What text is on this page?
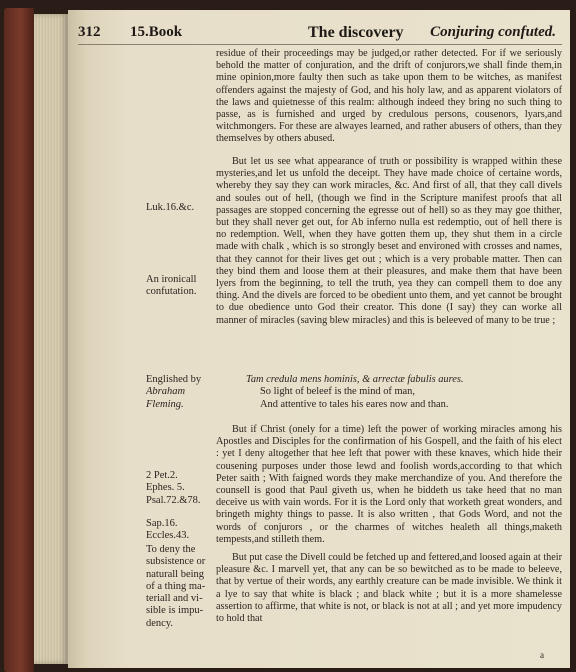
312 15.Book	The discovery Conjuring confuted.

residue of their proceedings may be judged,or rather detected. For if we seriously behold the matter of conjuration, and the drift of conjurors,we shall finde them,in mine opinion,more faulty then such as take upon them to be witches, as manifest offenders against the majesty of God, and his holy law, and as apparent violators of the laws and quietnesse of this realm: although indeed they bring no such thing to passe, as is furnished and urged by credulous persons, cousenors, lyars,and witchmongers. For these are alwayes learned, and rather abusers of others, than they themselves by others abused.

But let us see what appearance of truth or possibility is wrapped within these mysteries,and let us unfold the deceipt. They have made choice of certaine words, whereby they say they can work miracles, &c. And first of all, that they call divels and soules out of hell, (though we find in the Scripture manifest proofs that all passages are stopped concerning the egresse out of hell) so as they may goe thither, but they shall never get out, for Ab inferno nulla est redemptio, out of hell there is no redemption. Well, when they have gotten them up, they shut them in a circle made with chalk , which is so strongly beset and environed with crosses and names, that they cannot for their lives get out ; which is a very probable matter. Then can they bind them and loose them at their pleasures, and make them that have been lyers from the beginning, to tell the truth, yea they can compell them to doe any thing. And the divels are forced to be obedient unto them, and yet cannot be brought to due obedience unto God their creator. This done (I say) they can worke all manner of miracles (saving blew miracles) and this is beleeved of many to be true ;

Tam credula mens hominis, & arrectæ fabulis aures.
So light of beleef is the mind of man,
And attentive to tales his eares now and than.

But if Christ (onely for a time) left the power of working miracles among his Apostles and Disciples for the confirmation of his Gospell, and the faith of his elect : yet I deny altogether that hee left that power with these knaves, which hide their cousening purposes under those lewd and foolish words,according to that which Peter saith ; With faigned words they make merchandize of you. And therefore the counsell is good that Paul giveth us, when he biddeth us take heed that no man deceive us with vain words. For it is the Lord only that worketh great wonders, and bringeth mighty things to passe. It is also written , that Gods Word, and not the words of conjurors , or the charmes of witches healeth all things,maketh tempests,and stilleth them.

But put case the Divell could be fetched up and fettered,and loosed again at their pleasure &c. I marvell yet, that any can be so bewitched as to be made to beleeve, that by vertue of their words, any earthly creature can be made invisible. We think it a lye to say that white is black ; and black white ; but it is a more shamelesse assertion to affirme, that white is not, or black is not at all ; and yet more impudency to hold that

Luk.16.&c.
An ironicall
confutation.
Englished by
Abraham
Fleming.
2 Pet.2.
Ephes. 5.
Psal.72.&78.
Sap.16.
Eccles.43.
To deny the
subsistence or
naturall being
of a thing ma-
teriall and vi-
sible is impu-
dency.
a
